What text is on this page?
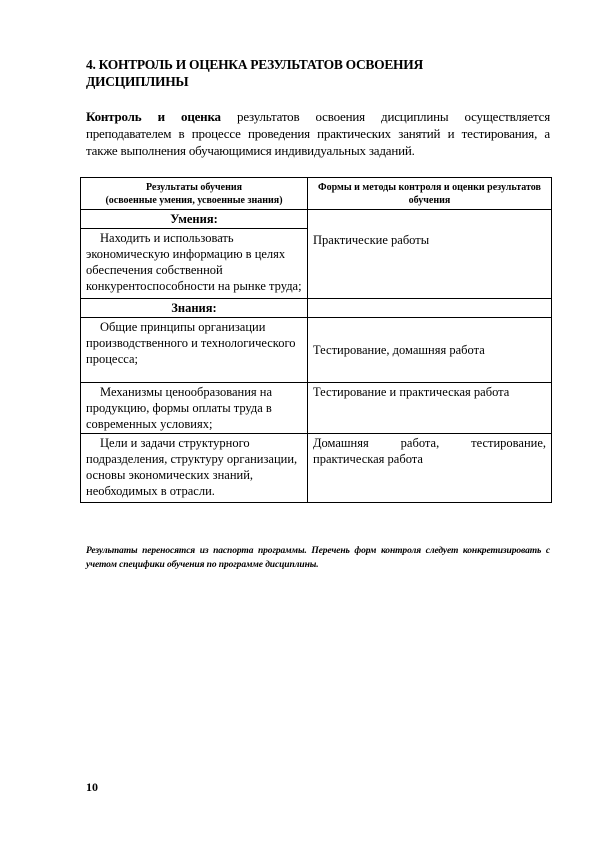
4. КОНТРОЛЬ И ОЦЕНКА РЕЗУЛЬТАТОВ ОСВОЕНИЯ ДИСЦИПЛИНЫ
Контроль и оценка результатов освоения дисциплины осуществляется преподавателем в процессе проведения практических занятий и тестирования, а также выполнения обучающимися индивидуальных заданий.
Результаты обучения
(освоенные умения, усвоенные знания)	Формы и методы контроля и оценки результатов обучения
Умения:	Практические работы
Находить и использовать экономическую информацию в целях обеспечения собственной конкурентоспособности на рынке труда;	
Знания:	
Общие принципы организации производственного и технологического процесса;	Тестирование, домашняя работа
Механизмы ценообразования на продукцию, формы оплаты труда в современных условиях;	Тестирование и практическая работа
Цели и задачи структурного подразделения, структуру организации, основы экономических знаний, необходимых в отрасли.	Домашняя работа, тестирование, практическая работа
Результаты переносятся из паспорта программы. Перечень форм контроля следует конкретизировать с учетом специфики обучения по программе дисциплины.
10
